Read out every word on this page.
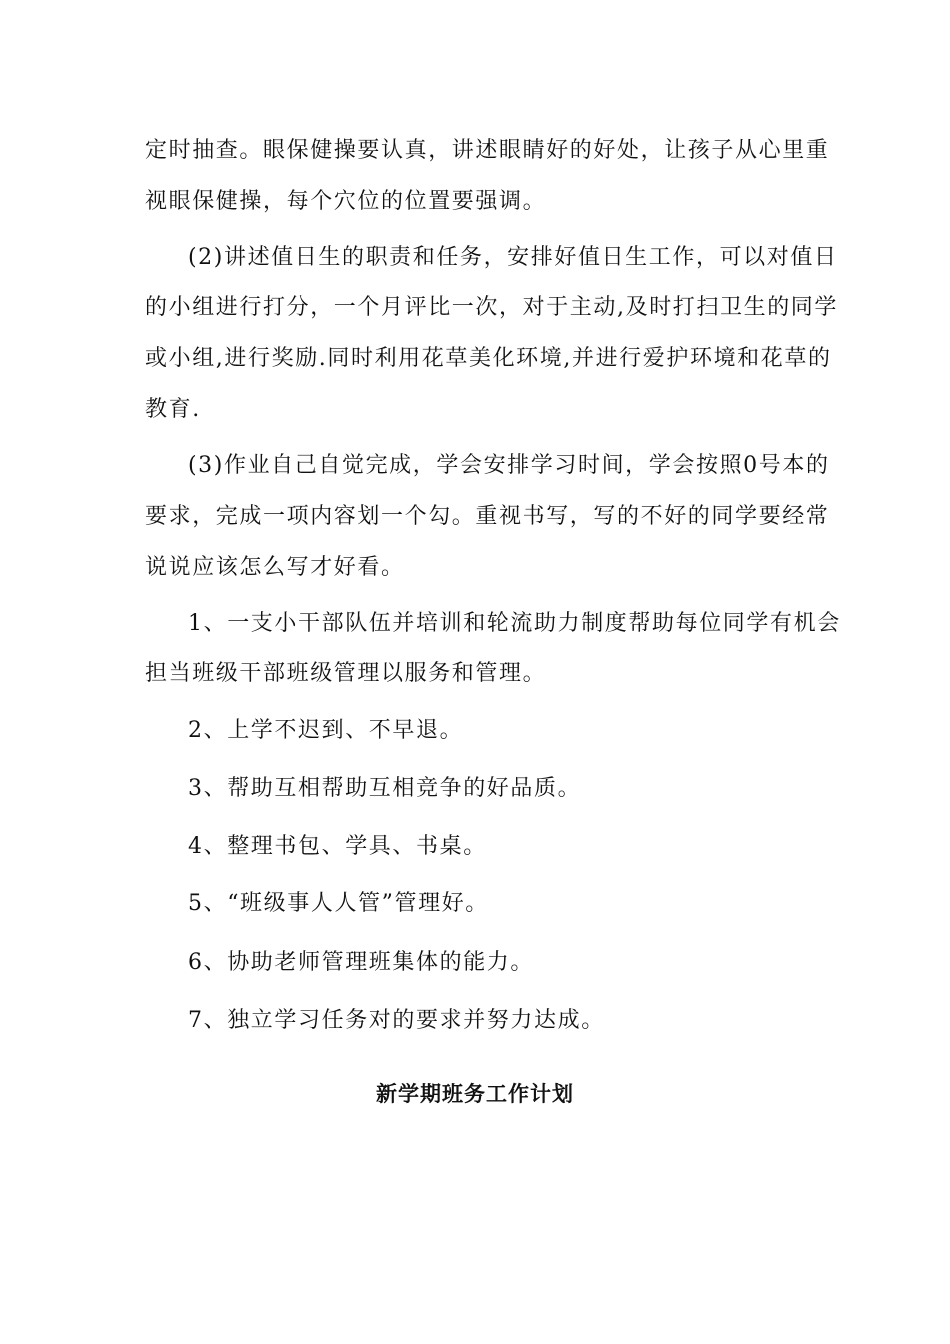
定时抽查。眼保健操要认真，讲述眼睛好的好处，让孩子从心里重
视眼保健操，每个穴位的位置要强调。
(2)讲述值日生的职责和任务，安排好值日生工作，可以对值日
的小组进行打分，一个月评比一次，对于主动,及时打扫卫生的同学
或小组,进行奖励.同时利用花草美化环境,并进行爱护环境和花草的
教育.
(3)作业自己自觉完成，学会安排学习时间，学会按照0号本的
要求，完成一项内容划一个勾。重视书写，写的不好的同学要经常
说说应该怎么写才好看。
1、一支小干部队伍并培训和轮流助力制度帮助每位同学有机会
担当班级干部班级管理以服务和管理。
2、上学不迟到、不早退。
3、帮助互相帮助互相竞争的好品质。
4、整理书包、学具、书桌。
5、“班级事人人管”管理好。
6、协助老师管理班集体的能力。
7、独立学习任务对的要求并努力达成。
新学期班务工作计划
